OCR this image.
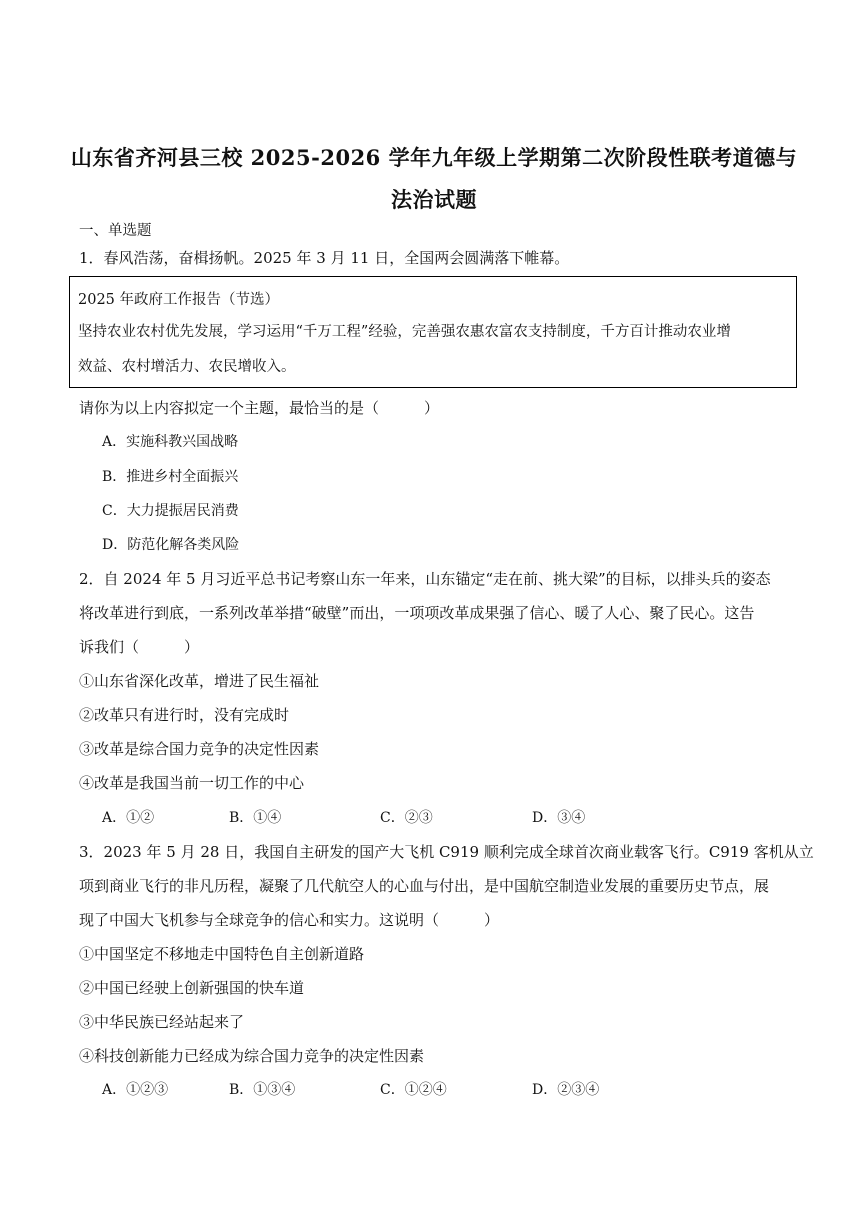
山东省齐河县三校 2025-2026 学年九年级上学期第二次阶段性联考道德与
法治试题
一、单选题
1．春风浩荡，奋楫扬帆。2025 年 3 月 11 日，全国两会圆满落下帷幕。
2025 年政府工作报告（节选）
坚持农业农村优先发展，学习运用“千万工程”经验，完善强农惠农富农支持制度，千方百计推动农业增
效益、农村增活力、农民增收入。
请你为以上内容拟定一个主题，最恰当的是（　　　）
A．实施科教兴国战略
B．推进乡村全面振兴
C．大力提振居民消费
D．防范化解各类风险
2．自 2024 年 5 月习近平总书记考察山东一年来，山东锚定“走在前、挑大梁”的目标，以排头兵的姿态
将改革进行到底，一系列改革举措“破壁”而出，一项项改革成果强了信心、暖了人心、聚了民心。这告
诉我们（　　　）
①山东省深化改革，增进了民生福祉
②改革只有进行时，没有完成时
③改革是综合国力竞争的决定性因素
④改革是我国当前一切工作的中心
A．①②	B．①④	C．②③	D．③④
3．2023 年 5 月 28 日，我国自主研发的国产大飞机 C919 顺利完成全球首次商业载客飞行。C919 客机从立
项到商业飞行的非凡历程，凝聚了几代航空人的心血与付出，是中国航空制造业发展的重要历史节点，展
现了中国大飞机参与全球竞争的信心和实力。这说明（　　　）
①中国坚定不移地走中国特色自主创新道路
②中国已经驶上创新强国的快车道
③中华民族已经站起来了
④科技创新能力已经成为综合国力竞争的决定性因素
A．①②③	B．①③④	C．①②④	D．②③④
